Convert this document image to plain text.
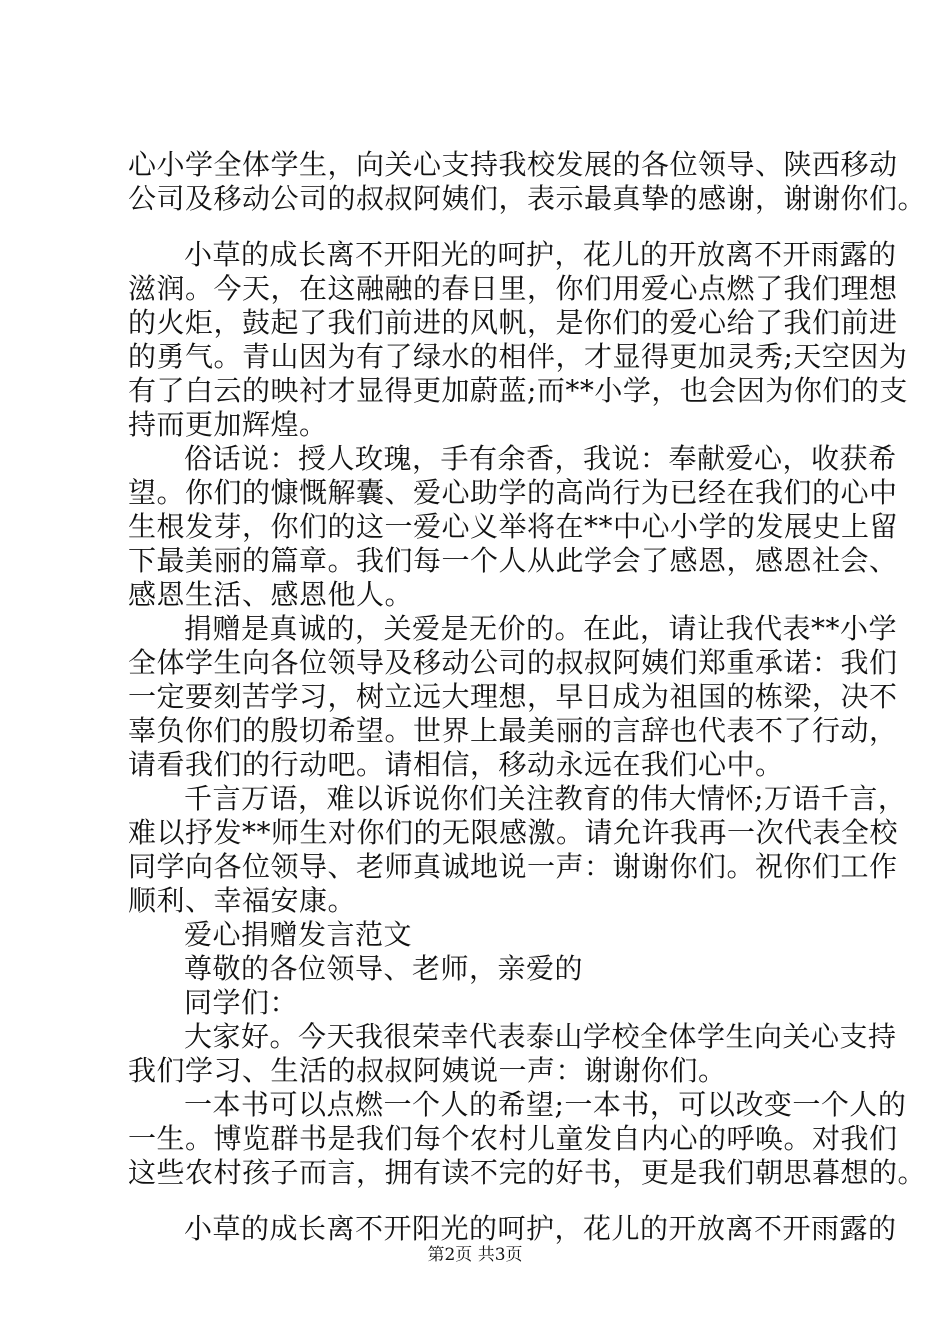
心小学全体学生，向关心支持我校发展的各位领导、陕西移动
公司及移动公司的叔叔阿姨们，表示最真挚的感谢，谢谢你们。
小草的成长离不开阳光的呵护，花儿的开放离不开雨露的
滋润。今天，在这融融的春日里，你们用爱心点燃了我们理想
的火炬，鼓起了我们前进的风帆，是你们的爱心给了我们前进
的勇气。青山因为有了绿水的相伴，才显得更加灵秀;天空因为
有了白云的映衬才显得更加蔚蓝;而**小学，也会因为你们的支
持而更加辉煌。
俗话说：授人玫瑰，手有余香，我说：奉献爱心，收获希
望。你们的慷慨解囊、爱心助学的高尚行为已经在我们的心中
生根发芽，你们的这一爱心义举将在**中心小学的发展史上留
下最美丽的篇章。我们每一个人从此学会了感恩，感恩社会、
感恩生活、感恩他人。
捐赠是真诚的，关爱是无价的。在此，请让我代表**小学
全体学生向各位领导及移动公司的叔叔阿姨们郑重承诺：我们
一定要刻苦学习，树立远大理想，早日成为祖国的栋梁，决不
辜负你们的殷切希望。世界上最美丽的言辞也代表不了行动，
请看我们的行动吧。请相信，移动永远在我们心中。
千言万语，难以诉说你们关注教育的伟大情怀;万语千言，
难以抒发**师生对你们的无限感激。请允许我再一次代表全校
同学向各位领导、老师真诚地说一声：谢谢你们。祝你们工作
顺利、幸福安康。
爱心捐赠发言范文
尊敬的各位领导、老师，亲爱的
同学们：
大家好。今天我很荣幸代表泰山学校全体学生向关心支持
我们学习、生活的叔叔阿姨说一声：谢谢你们。
一本书可以点燃一个人的希望;一本书，可以改变一个人的
一生。博览群书是我们每个农村儿童发自内心的呼唤。对我们
这些农村孩子而言，拥有读不完的好书，更是我们朝思暮想的。
第2页 共3页
小草的成长离不开阳光的呵护，花儿的开放离不开雨露的
